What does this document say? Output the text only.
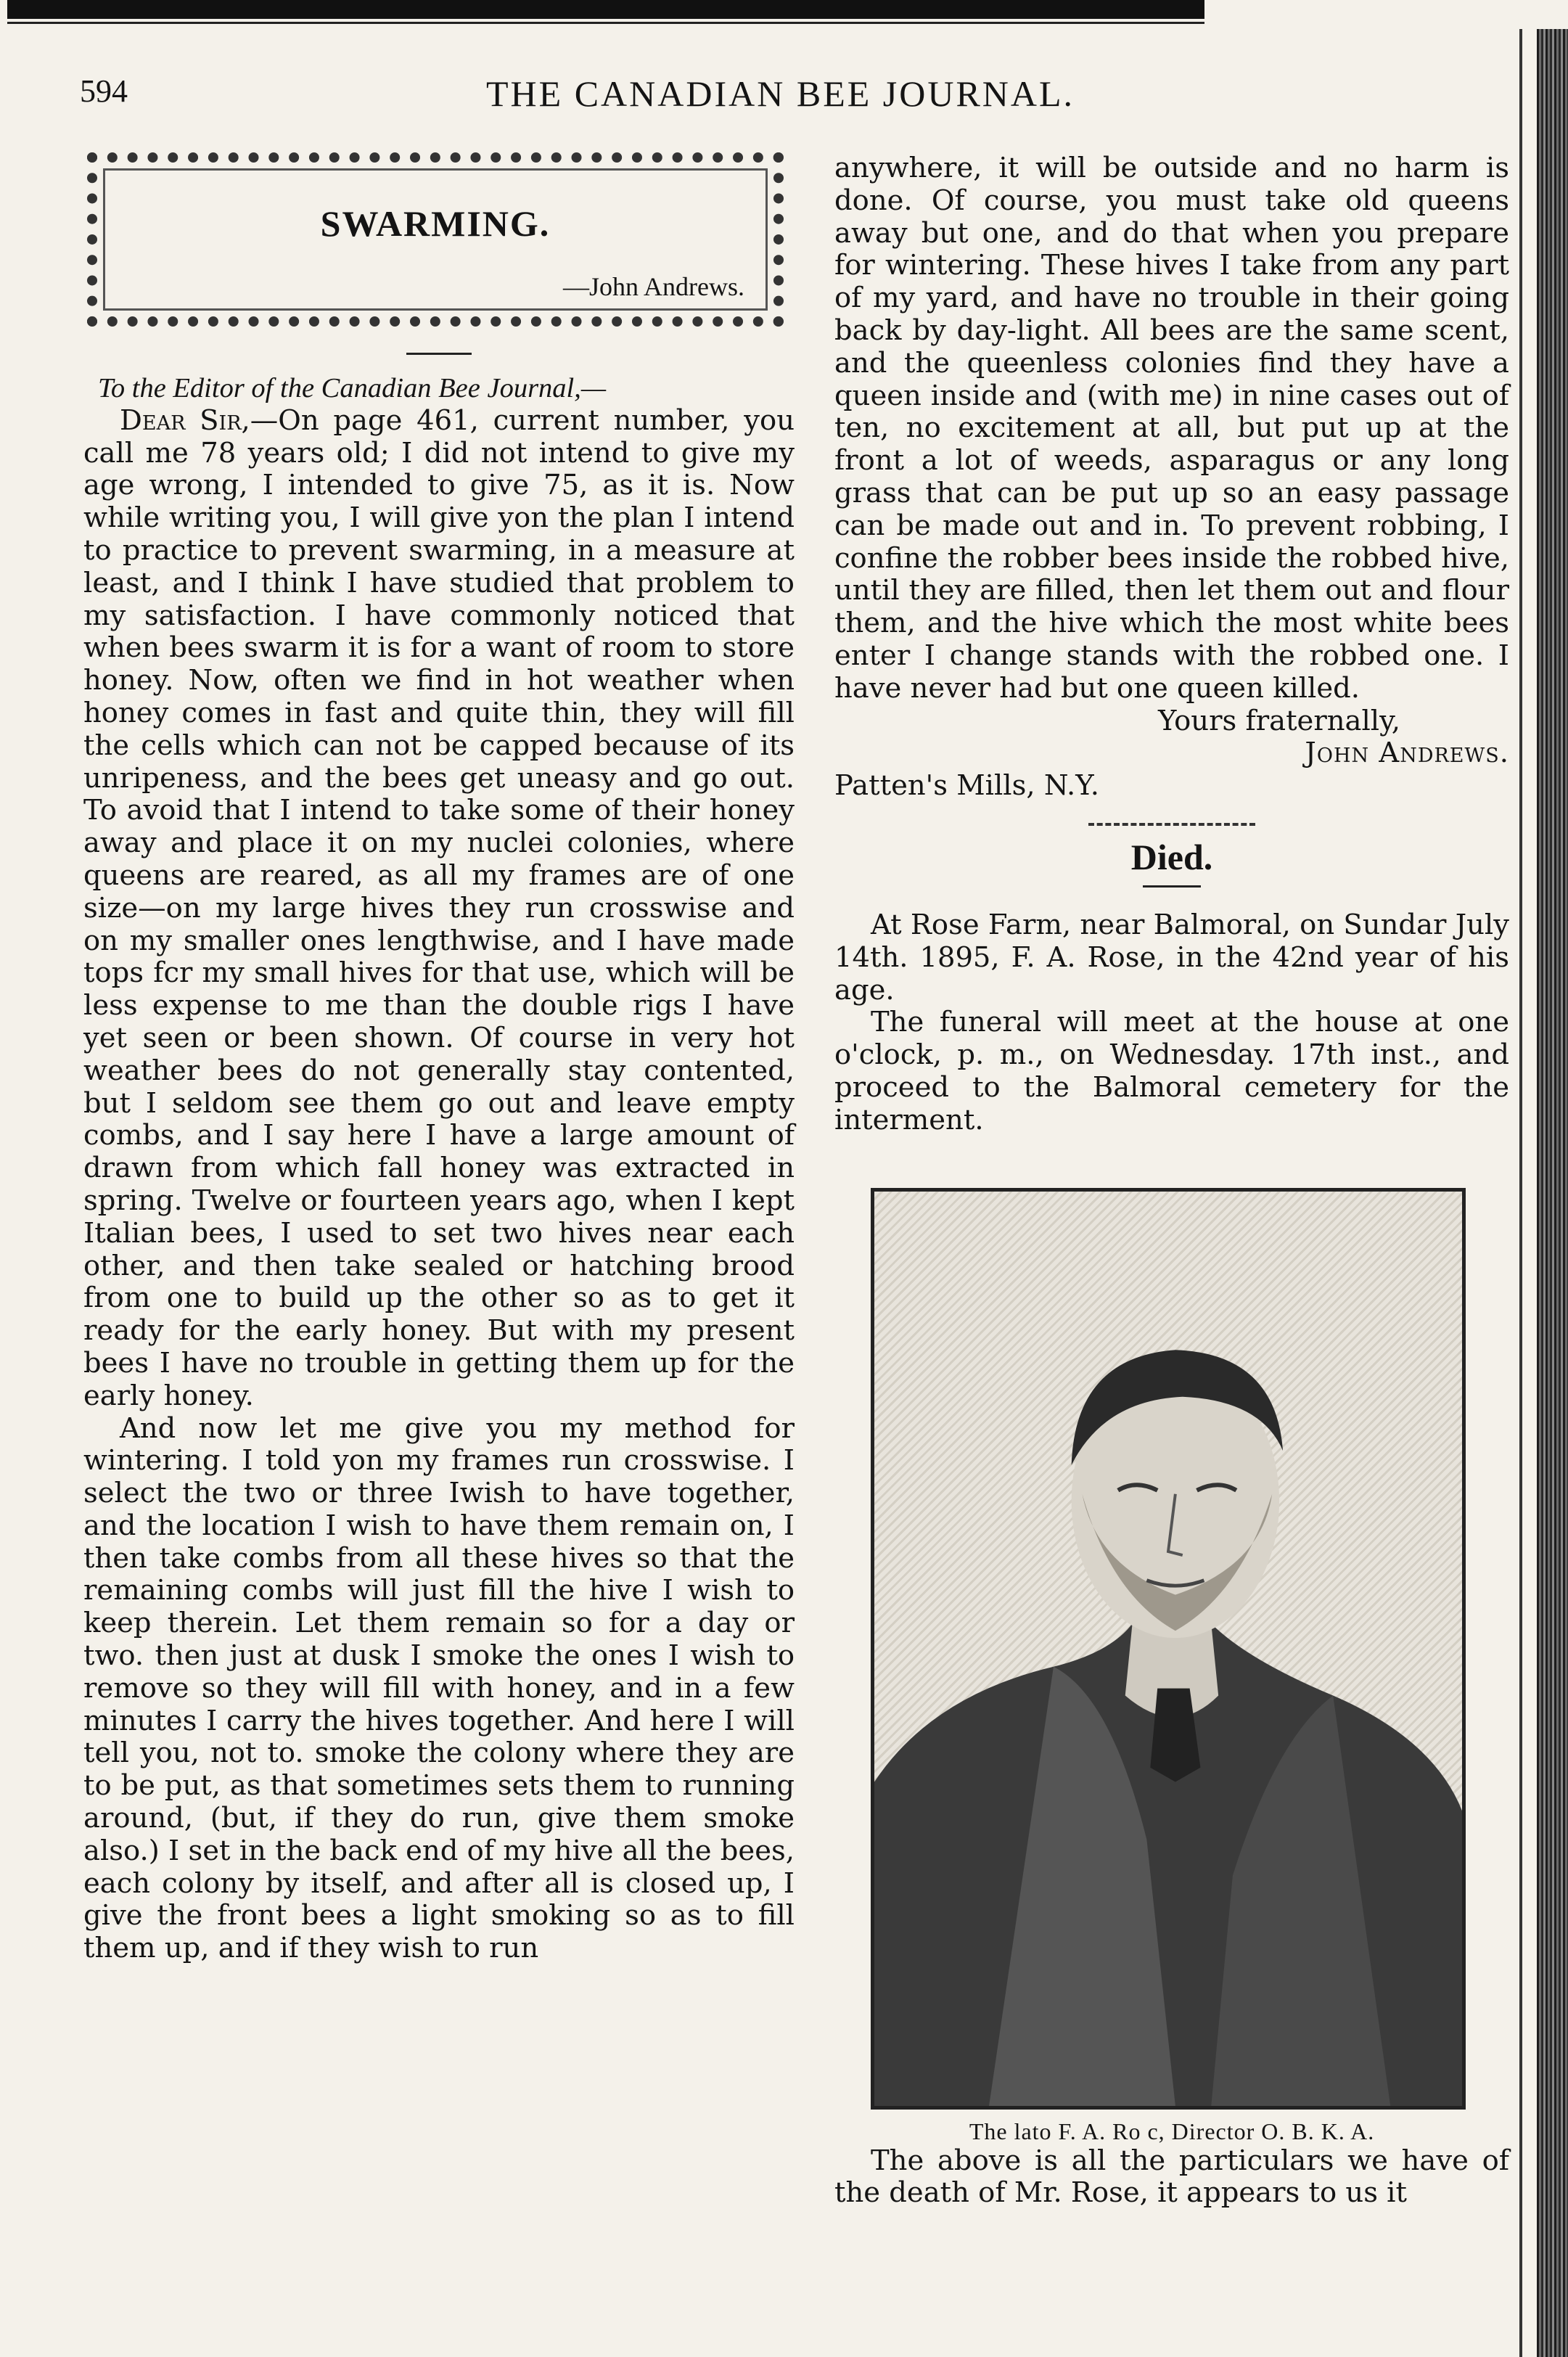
594	THE CANADIAN BEE JOURNAL.
SWARMING.
—John Andrews.

To the Editor of the Canadian Bee Journal,—

Dear Sir,—On page 461, current number, you call me 78 years old; I did not intend to give my age wrong, I intended to give 75, as it is. Now while writing you, I will give yon the plan I intend to practice to prevent swarming, in a measure at least, and I think I have studied that problem to my satisfaction. I have commonly noticed that when bees swarm it is for a want of room to store honey. Now, often we find in hot weather when honey comes in fast and quite thin, they will fill the cells which can not be capped because of its unripeness, and the bees get uneasy and go out. To avoid that I intend to take some of their honey away and place it on my nuclei colonies, where queens are reared, as all my frames are of one size—on my large hives they run crosswise and on my smaller ones lengthwise, and I have made tops fcr my small hives for that use, which will be less expense to me than the double rigs I have yet seen or been shown. Of course in very hot weather bees do not generally stay contented, but I seldom see them go out and leave empty combs, and I say here I have a large amount of drawn from which fall honey was extracted in spring. Twelve or fourteen years ago, when I kept Italian bees, I used to set two hives near each other, and then take sealed or hatching brood from one to build up the other so as to get it ready for the early honey. But with my present bees I have no trouble in getting them up for the early honey.

And now let me give you my method for wintering. I told yon my frames run crosswise. I select the two or three Iwish to have together, and the location I wish to have them remain on, I then take combs from all these hives so that the remaining combs will just fill the hive I wish to keep therein. Let them remain so for a day or two. then just at dusk I smoke the ones I wish to remove so they will fill with honey, and in a few minutes I carry the hives together. And here I will tell you, not to. smoke the colony where they are to be put, as that sometimes sets them to running around, (but, if they do run, give them smoke also.) I set in the back end of my hive all the bees, each colony by itself, and after all is closed up, I give the front bees a light smoking so as to fill them up, and if they wish to run

anywhere, it will be outside and no harm is done. Of course, you must take old queens away but one, and do that when you prepare for wintering. These hives I take from any part of my yard, and have no trouble in their going back by day-light. All bees are the same scent, and the queenless colonies find they have a queen inside and (with me) in nine cases out of ten, no excitement at all, but put up at the front a lot of weeds, asparagus or any long grass that can be put up so an easy passage can be made out and in. To prevent robbing, I confine the robber bees inside the robbed hive, until they are filled, then let them out and flour them, and the hive which the most white bees enter I change stands with the robbed one. I have never had but one queen killed.

Yours fraternally,

John Andrews.

Patten's Mills, N.Y.

Died.

At Rose Farm, near Balmoral, on Sundar July 14th. 1895, F. A. Rose, in the 42nd year of his age.

The funeral will meet at the house at one o'clock, p. m., on Wednesday. 17th inst., and proceed to the Balmoral cemetery for the interment.

The lato F. A. Ro c, Director O. B. K. A.

The above is all the particulars we have of the death of Mr. Rose, it appears to us it
